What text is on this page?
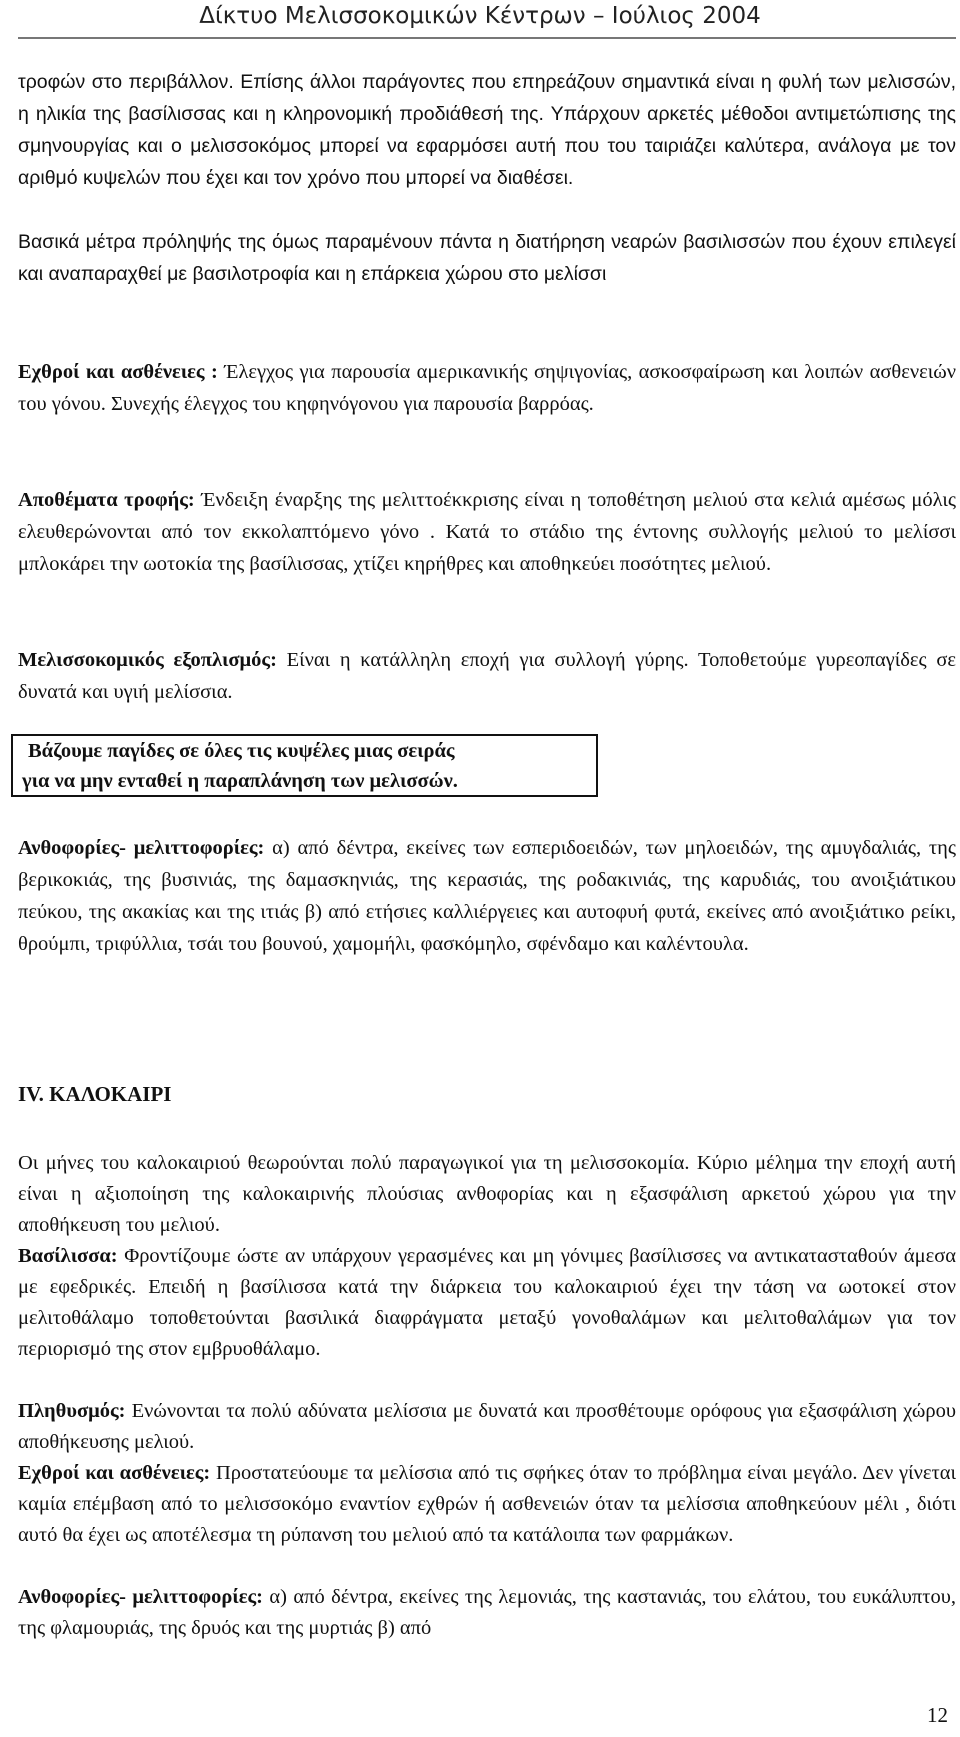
Δίκτυο Μελισσοκομικών Κέντρων – Ιούλιος 2004

τροφών στο περιβάλλον. Επίσης άλλοι παράγοντες που επηρεάζουν σημαντικά είναι η φυλή των μελισσών, η ηλικία της βασίλισσας και η κληρονομική προδιάθεσή της. Υπάρχουν αρκετές μέθοδοι αντιμετώπισης της σμηνουργίας και ο μελισσοκόμος μπορεί να εφαρμόσει αυτή που του ταιριάζει καλύτερα, ανάλογα με τον αριθμό κυψελών που έχει και τον χρόνο που μπορεί να διαθέσει.

Βασικά μέτρα πρόληψής της όμως παραμένουν πάντα η διατήρηση νεαρών βασιλισσών που έχουν επιλεγεί και αναπαραχθεί με βασιλοτροφία και η επάρκεια χώρου στο μελίσσι

Εχθροί και ασθένειες : Έλεγχος για παρουσία αμερικανικής σηψιγονίας, ασκοσφαίρωση και λοιπών ασθενειών του γόνου. Συνεχής έλεγχος του κηφηνόγονου για παρουσία βαρρόας.

Αποθέματα τροφής: Ένδειξη έναρξης της μελιττοέκκρισης είναι η τοποθέτηση μελιού στα κελιά αμέσως μόλις ελευθερώνονται από τον εκκολαπτόμενο γόνο . Κατά το στάδιο της έντονης συλλογής μελιού το μελίσσι μπλοκάρει την ωοτοκία της βασίλισσας, χτίζει κηρήθρες και αποθηκεύει ποσότητες μελιού.

Μελισσοκομικός εξοπλισμός: Είναι η κατάλληλη εποχή για συλλογή γύρης. Τοποθετούμε γυρεοπαγίδες σε δυνατά και υγιή μελίσσια.

Βάζουμε παγίδες σε όλες τις κυψέλες μιας σειράς
για να μην ενταθεί η παραπλάνηση των μελισσών.

Ανθοφορίες- μελιττοφορίες: α) από δέντρα, εκείνες των εσπεριδοειδών, των μηλοειδών, της αμυγδαλιάς, της βερικοκιάς, της βυσινιάς, της δαμασκηνιάς, της κερασιάς, της ροδακινιάς, της καρυδιάς, του ανοιξιάτικου πεύκου, της ακακίας και της ιτιάς β) από ετήσιες καλλιέργειες και αυτοφυή φυτά, εκείνες από ανοιξιάτικο ρείκι, θρούμπι, τριφύλλια, τσάι του βουνού, χαμομήλι, φασκόμηλο, σφένδαμο και καλέντουλα.

IV. ΚΑΛΟΚΑΙΡΙ

Οι μήνες του καλοκαιριού θεωρούνται πολύ παραγωγικοί για τη μελισσοκομία. Κύριο μέλημα την εποχή αυτή είναι η αξιοποίηση της καλοκαιρινής πλούσιας ανθοφορίας και η εξασφάλιση αρκετού χώρου για την αποθήκευση του μελιού.

Βασίλισσα: Φροντίζουμε ώστε αν υπάρχουν γερασμένες και μη γόνιμες βασίλισσες να αντικατασταθούν άμεσα με εφεδρικές. Επειδή η βασίλισσα κατά την διάρκεια του καλοκαιριού έχει την τάση να ωοτοκεί στον μελιτοθάλαμο τοποθετούνται βασιλικά διαφράγματα μεταξύ γονοθαλάμων και μελιτοθαλάμων για τον περιορισμό της στον εμβρυοθάλαμο.

Πληθυσμός: Ενώνονται τα πολύ αδύνατα μελίσσια με δυνατά και προσθέτουμε ορόφους για εξασφάλιση χώρου αποθήκευσης μελιού.

Εχθροί και ασθένειες: Προστατεύουμε τα μελίσσια από τις σφήκες όταν το πρόβλημα είναι μεγάλο. Δεν γίνεται καμία επέμβαση από το μελισσοκόμο εναντίον εχθρών ή ασθενειών όταν τα μελίσσια αποθηκεύουν μέλι , διότι αυτό θα έχει ως αποτέλεσμα τη ρύπανση του μελιού από τα κατάλοιπα των φαρμάκων.

Ανθοφορίες- μελιττοφορίες: α) από δέντρα, εκείνες της λεμονιάς, της καστανιάς, του ελάτου, του ευκάλυπτου, της φλαμουριάς, της δρυός και της μυρτιάς β) από

12
